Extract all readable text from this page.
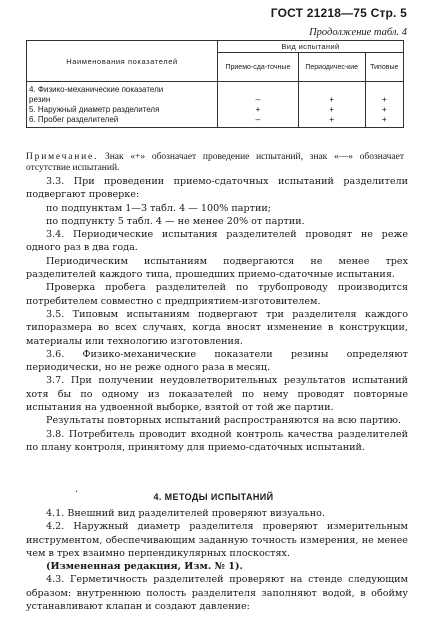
ГОСТ 21218—75 Стр. 5
Продолжение табл. 4
Наименования показателей	Вид испытаний		
	Приемо-сда-точные	Периодичес-кие	Типовые
4. Физико-механические показатели			
резин	—	+	+
5. Наружный диаметр разделителя	+	+	+
6. Пробег разделителей	—	+	+
Примечание. Знак «+» обозначает проведение испытаний, знак «—» обозначает отсутствие испытаний.

3.3. При проведении приемо-сдаточных испытаний разделители подвергают проверке:

по подпунктам 1—3 табл. 4 — 100% партии;

по подпункту 5 табл. 4 — не менее 20% от партии.

3.4. Периодические испытания разделителей проводят не реже одного раз в два года.

Периодическим испытаниям подвергаются не менее трех разделителей каждого типа, прошедших приемо-сдаточные испытания.

Проверка пробега разделителей по трубопроводу производится потребителем совместно с предприятием-изготовителем.

3.5. Типовым испытаниям подвергают три разделителя каждого типоразмера во всех случаях, когда вносят изменение в конструкции, материалы или технологию изготовления.

3.6. Физико-механические показатели резины определяют периодически, но не реже одного раза в месяц.

3.7. При получении неудовлетворительных результатов испытаний хотя бы по одному из показателей по нему проводят повторные испытания на удвоенной выборке, взятой от той же партии.

Результаты повторных испытаний распространяются на всю партию.

3.8. Потребитель проводит входной контроль качества разделителей по плану контроля, принятому для приемо-сдаточных испытаний.

.
4. МЕТОДЫ ИСПЫТАНИЙ

4.1. Внешний вид разделителей проверяют визуально.

4.2. Наружный диаметр разделителя проверяют измерительным инструментом, обеспечивающим заданную точность измерения, не менее чем в трех взаимно перпендикулярных плоскостях.

(Измененная редакция, Изм. № 1).

4.3. Герметичность разделителей проверяют на стенде следующим образом: внутреннюю полость разделителя заполняют водой, в обойму устанавливают клапан и создают давление:
